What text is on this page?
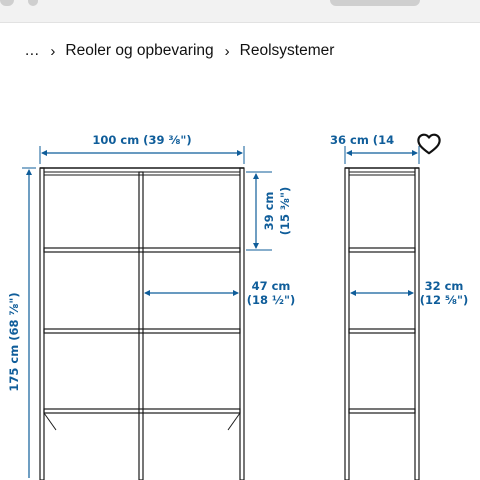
... › Reoler og opbevaring › Reolsystemer
100 cm (39 ⅜")
175 cm (68 ⅞")
39 cm (15 ⅜")
47 cm
(18 ½")
36 cm (14
32 cm
(12 ⅝")
